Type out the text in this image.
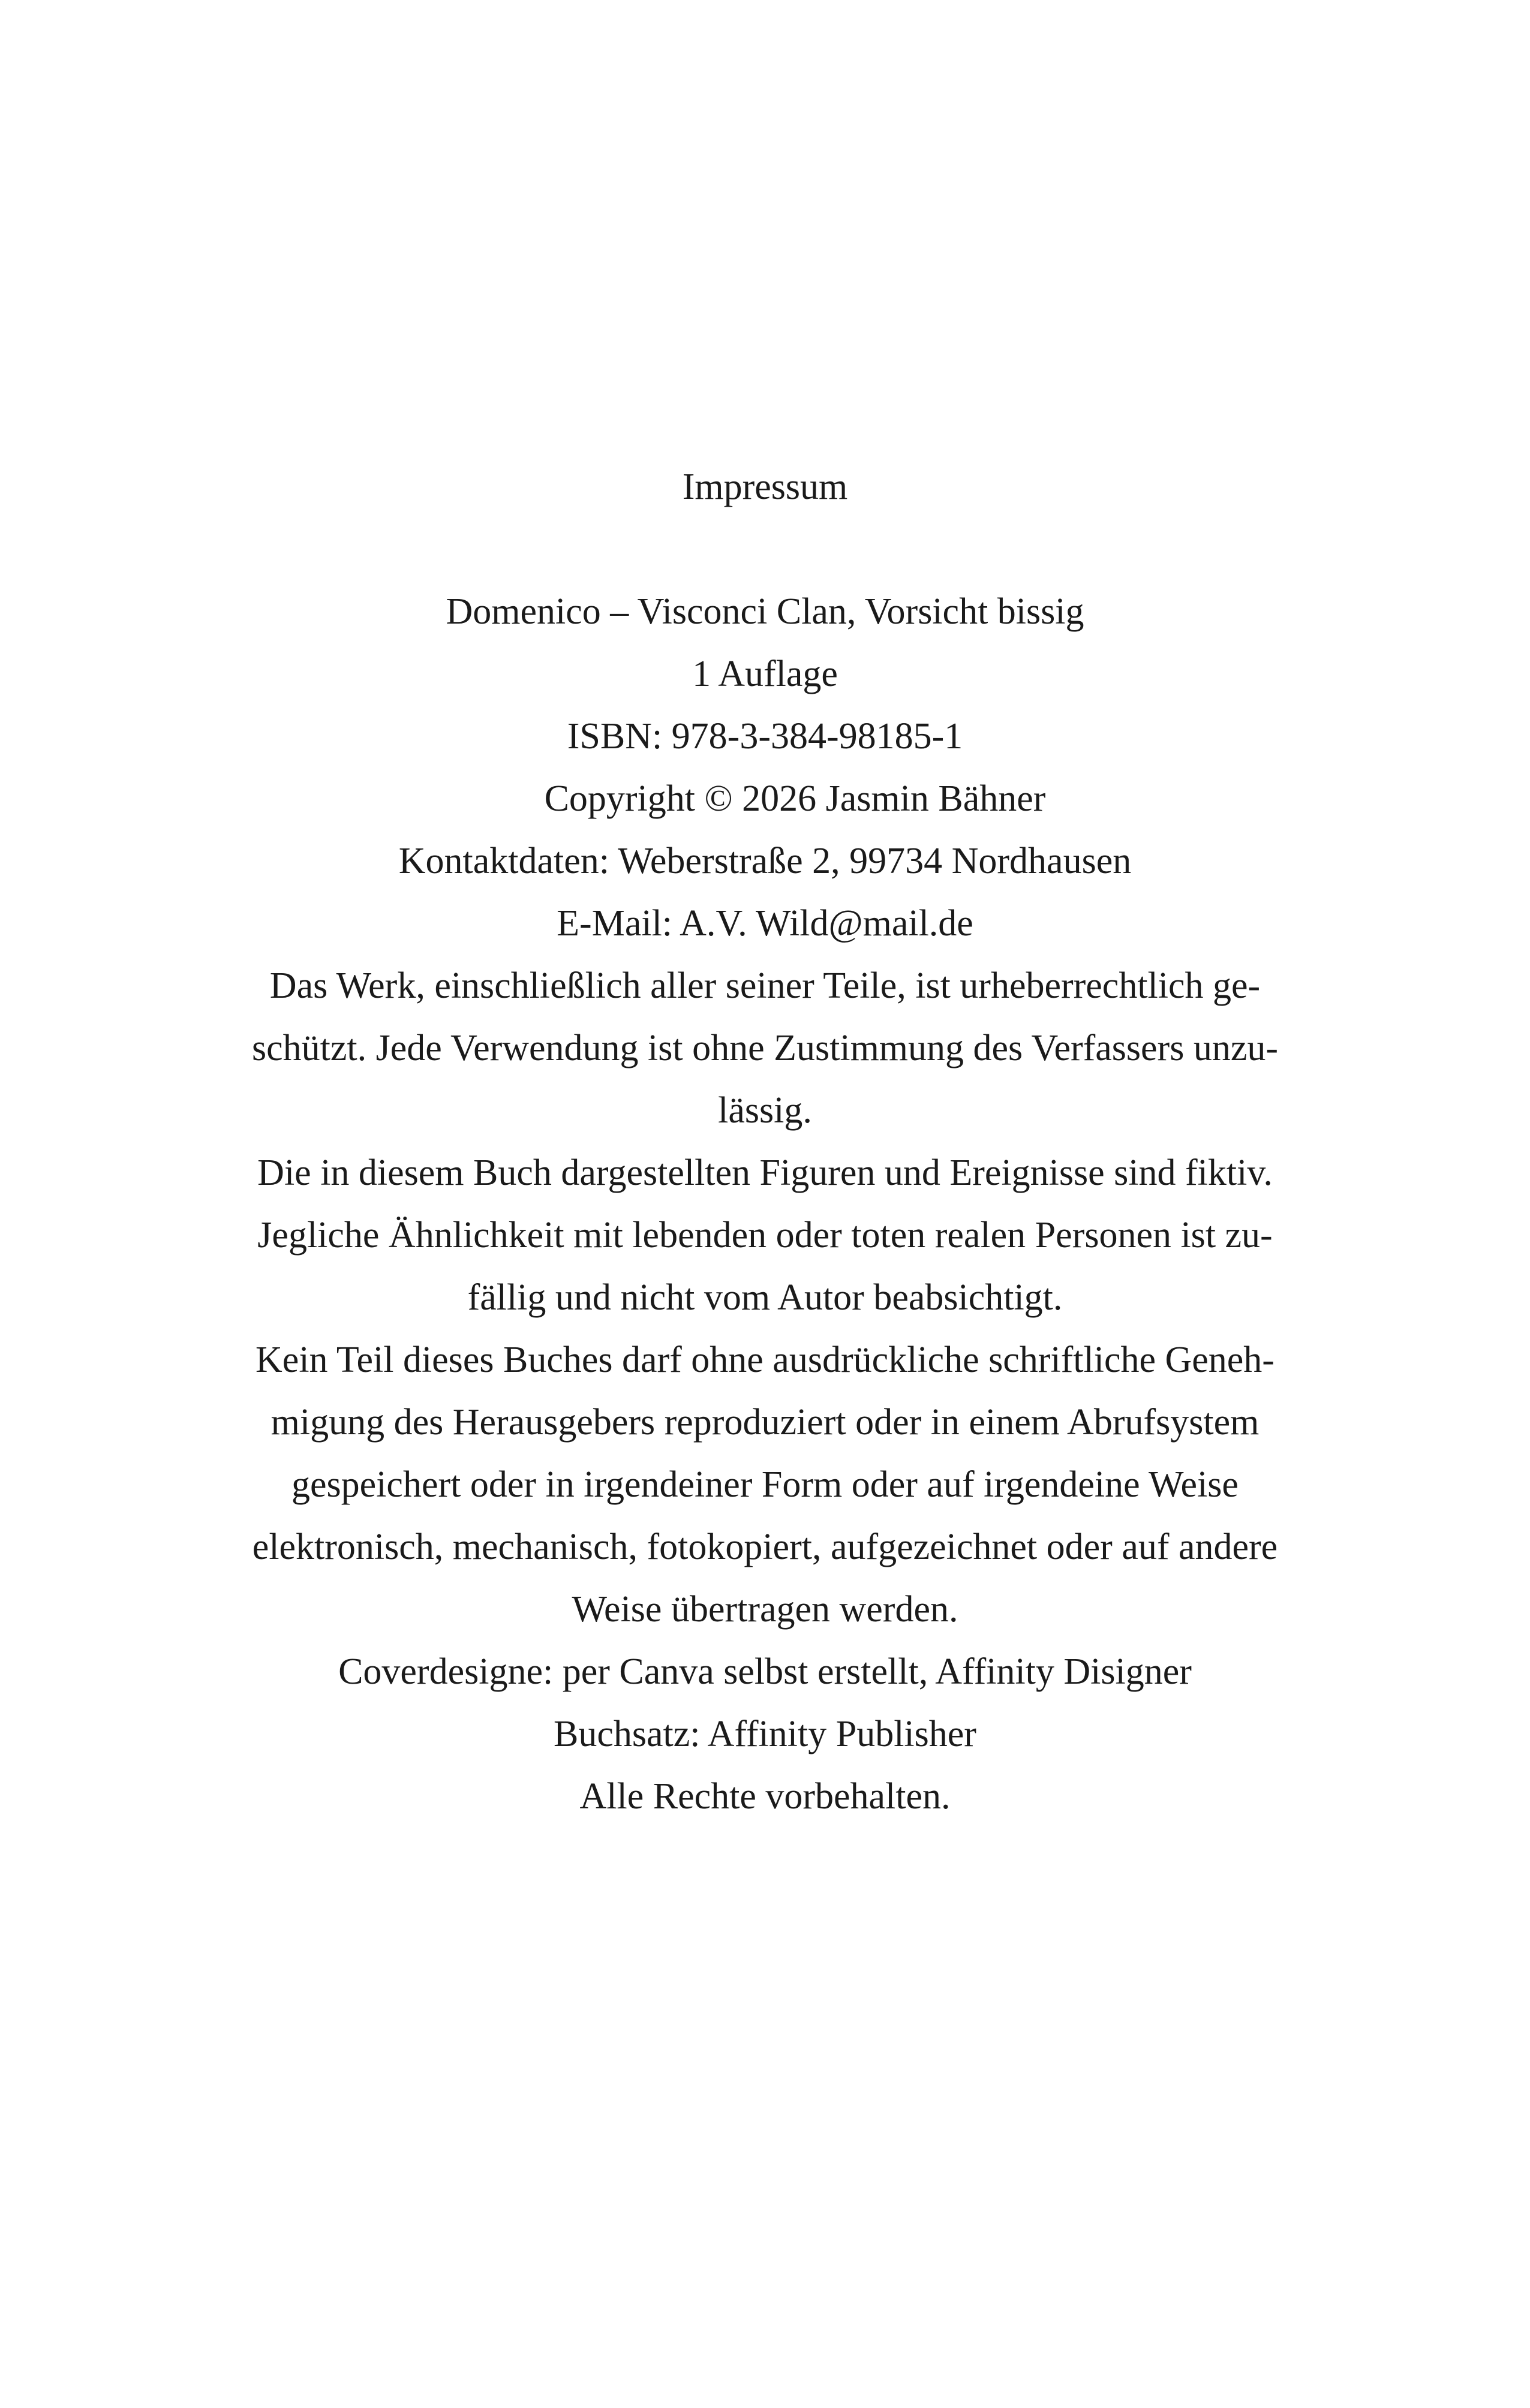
Impressum
Domenico – Visconci Clan, Vorsicht bissig
1 Auflage
ISBN: 978-3-384-98185-1
Copyright © 2026 Jasmin Bähner
Kontaktdaten: Weberstraße 2, 99734 Nordhausen
E-Mail: A.V. Wild@mail.de
Das Werk, einschließlich aller seiner Teile, ist urheberrechtlich ge-
schützt. Jede Verwendung ist ohne Zustimmung des Verfassers unzu-
lässig.
Die in diesem Buch dargestellten Figuren und Ereignisse sind fiktiv.
Jegliche Ähnlichkeit mit lebenden oder toten realen Personen ist zu-
fällig und nicht vom Autor beabsichtigt.
Kein Teil dieses Buches darf ohne ausdrückliche schriftliche Geneh-
migung des Herausgebers reproduziert oder in einem Abrufsystem
gespeichert oder in irgendeiner Form oder auf irgendeine Weise
elektronisch, mechanisch, fotokopiert, aufgezeichnet oder auf andere
Weise übertragen werden.
Coverdesigne: per Canva selbst erstellt, Affinity Disigner
Buchsatz: Affinity Publisher
Alle Rechte vorbehalten.
